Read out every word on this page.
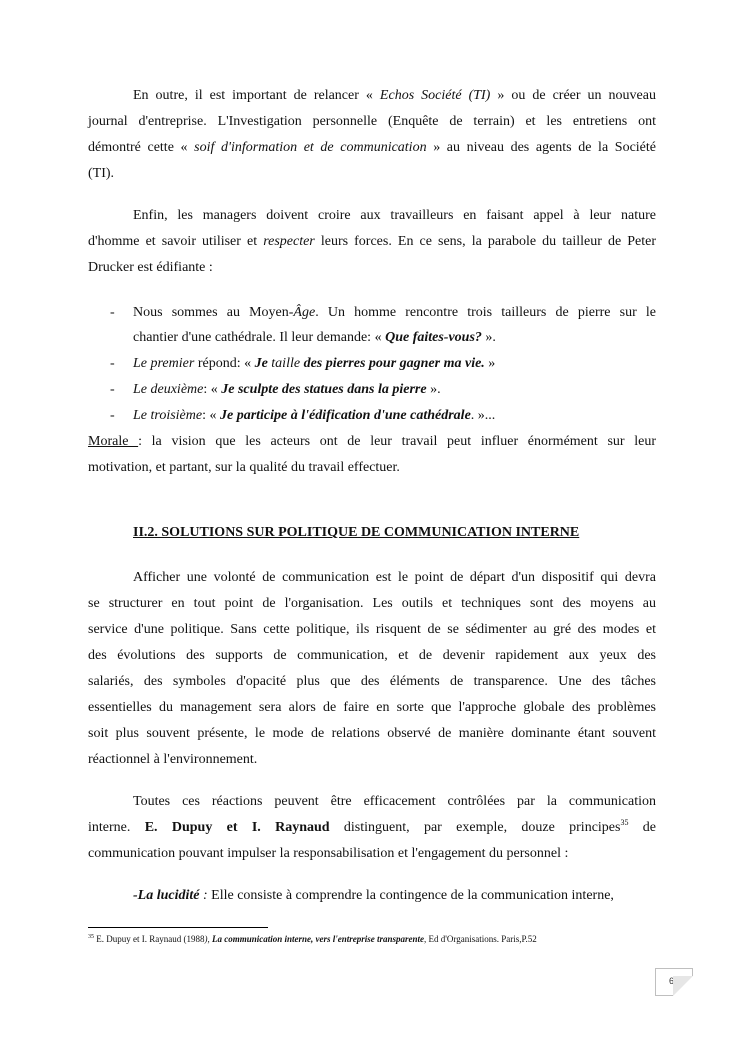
En outre, il est important de relancer « Echos Société (TI) » ou de créer un nouveau
journal d'entreprise. L'Investigation personnelle (Enquête de terrain) et les entretiens ont
démontré cette « soif d'information et de communication » au niveau des agents de la Société
(TI).
Enfin, les managers doivent croire aux travailleurs en faisant appel à leur nature
d'homme et savoir utiliser et respecter leurs forces. En ce sens, la parabole du tailleur de Peter
Drucker est édifiante :
- Nous sommes au Moyen-Âge. Un homme rencontre trois tailleurs de pierre sur le
chantier d'une cathédrale. Il leur demande: « Que faites-vous? ».
- Le premier répond: « Je taille des pierres pour gagner ma vie. »
- Le deuxième: « Je sculpte des statues dans la pierre ».
- Le troisième: « Je participe à l'édification d'une cathédrale. »...
Morale : la vision que les acteurs ont de leur travail peut influer énormément sur leur
motivation, et partant, sur la qualité du travail effectuer.
II.2. SOLUTIONS SUR POLITIQUE DE COMMUNICATION INTERNE
Afficher une volonté de communication est le point de départ d'un dispositif qui devra
se structurer en tout point de l'organisation. Les outils et techniques sont des moyens au
service d'une politique. Sans cette politique, ils risquent de se sédimenter au gré des modes et
des évolutions des supports de communication, et de devenir rapidement aux yeux des
salariés, des symboles d'opacité plus que des éléments de transparence. Une des tâches
essentielles du management sera alors de faire en sorte que l'approche globale des problèmes
soit plus souvent présente, le mode de relations observé de manière dominante étant souvent
réactionnel à l'environnement.
Toutes ces réactions peuvent être efficacement contrôlées par la communication
interne. E. Dupuy et I. Raynaud distinguent, par exemple, douze principes$^{35}$ de
communication pouvant impulser la responsabilisation et l'engagement du personnel :
-La lucidité : Elle consiste à comprendre la contingence de la communication interne,
$^{35}$ E. Dupuy et I. Raynaud (1988), La communication interne, vers l'entreprise transparente, Ed d'Organisations. Paris,P.52
61
